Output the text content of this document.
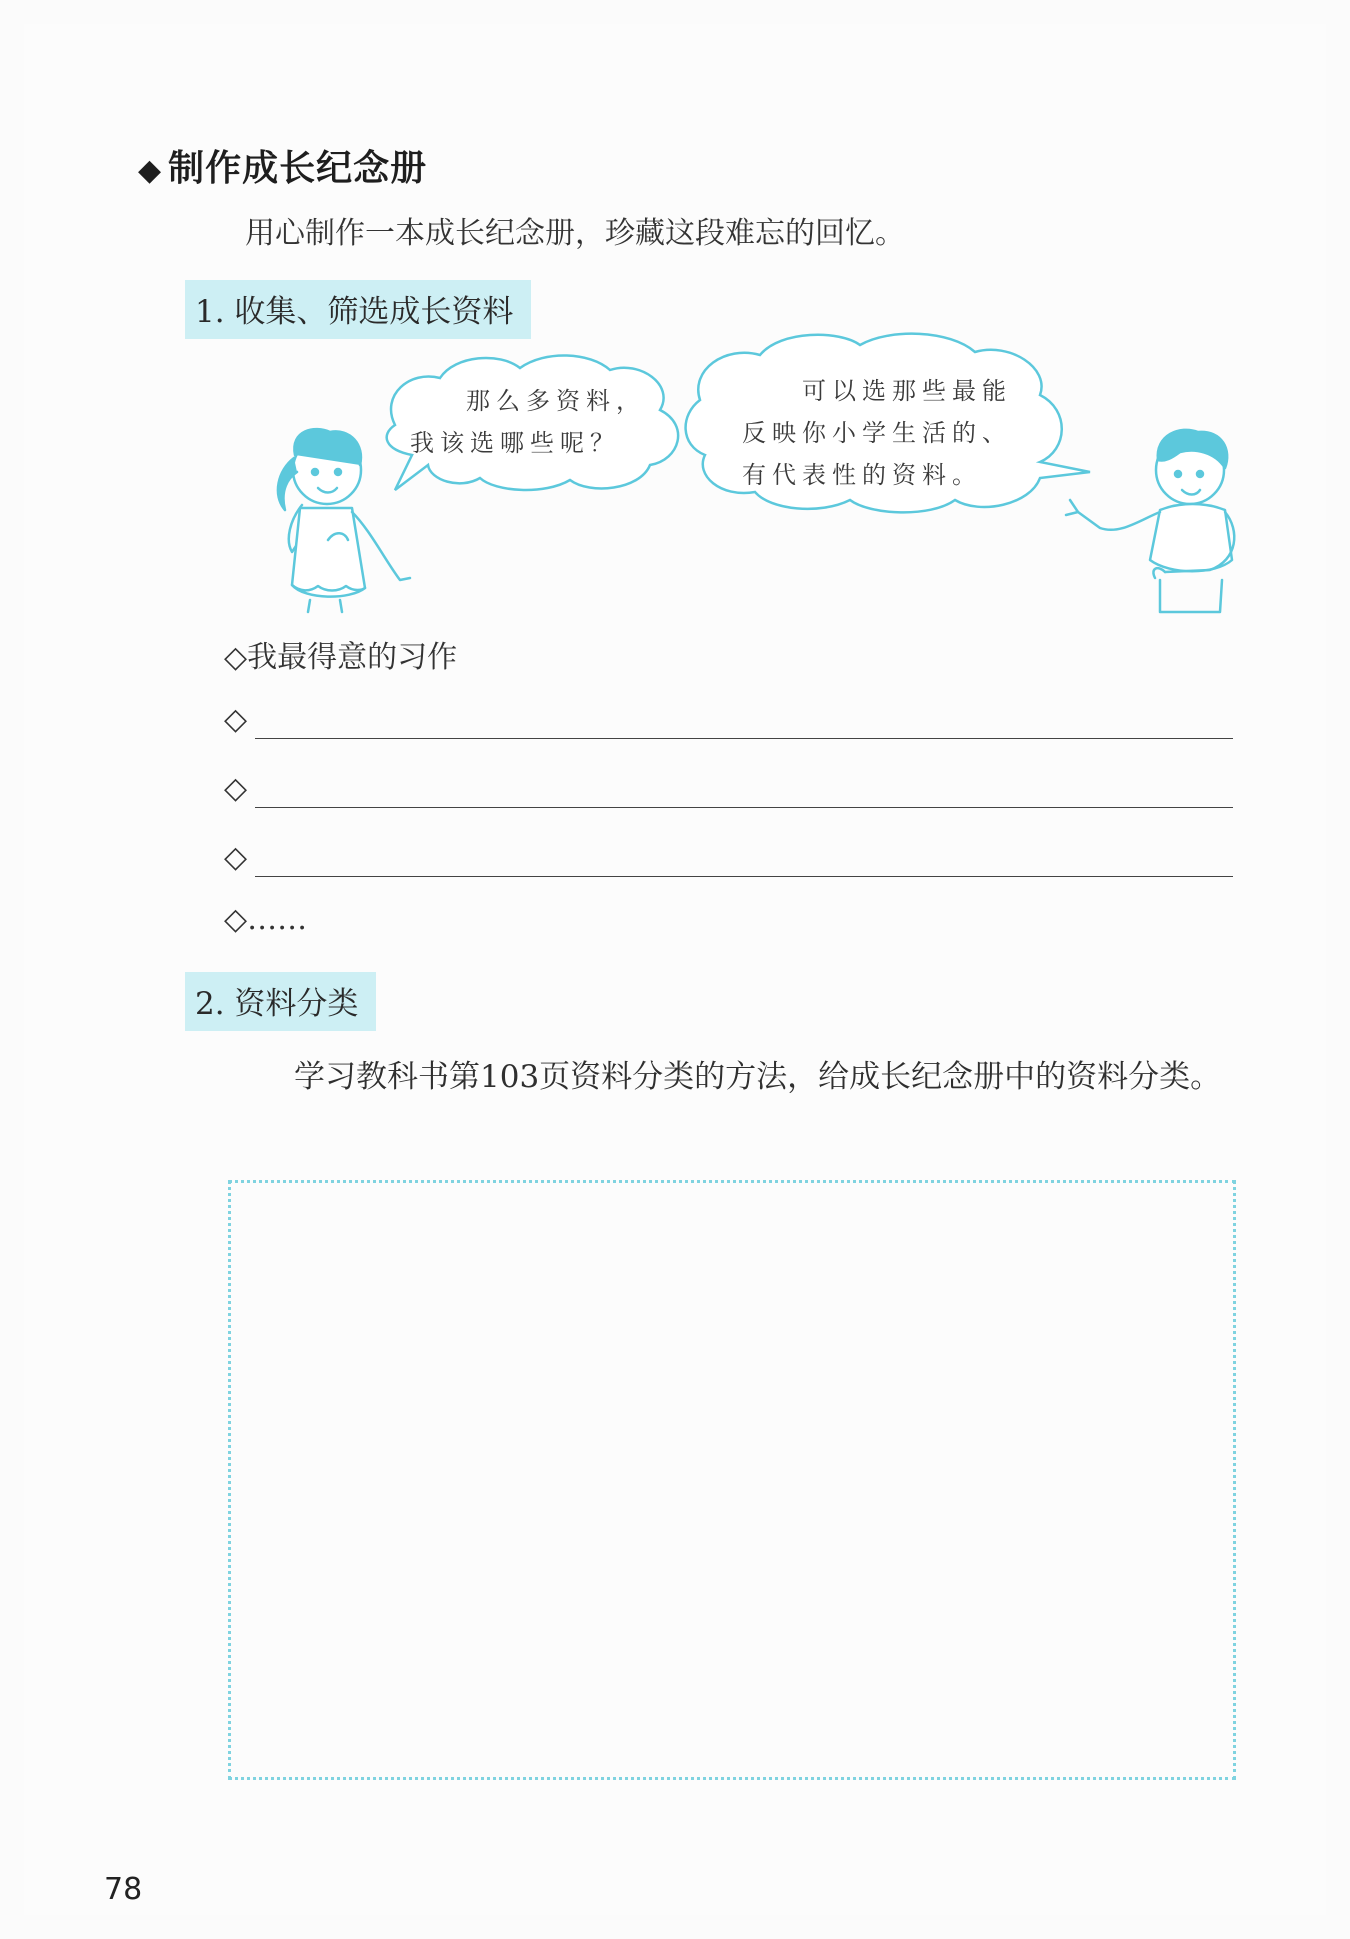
◆ 制作成长纪念册
用心制作一本成长纪念册，珍藏这段难忘的回忆。
1. 收集、筛选成长资料
那么多资料，
我该选哪些呢？
可以选那些最能
反映你小学生活的、
有代表性的资料。
◇我最得意的习作
◇
◇
◇
◇……
2. 资料分类
学习教科书第103页资料分类的方法，给成长纪念册中的资料分类。
78
